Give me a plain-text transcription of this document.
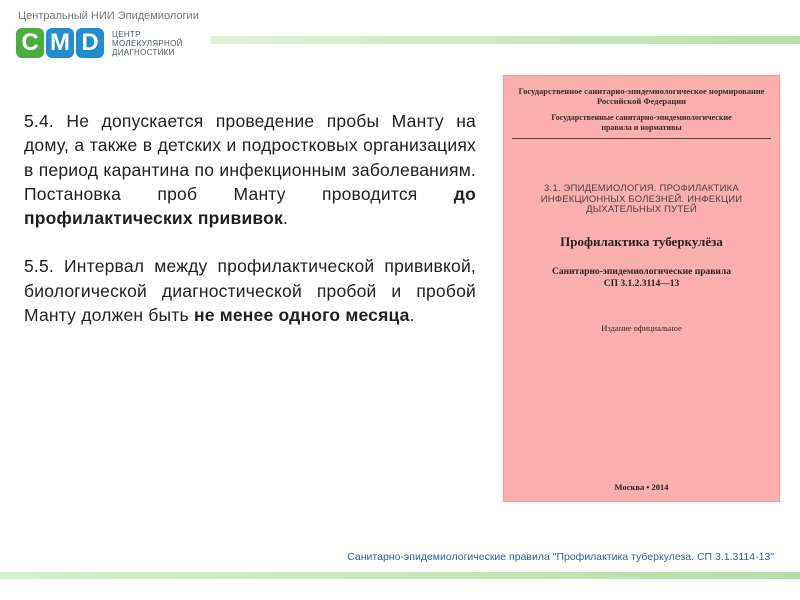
Центральный НИИ Эпидемиологии
C M D	ЦЕНТР
МОЛЕКУЛЯРНОЙ
ДИАГНОСТИКИ

5.4. Не допускается проведение пробы Манту на дому, а также в детских и подростковых организациях в период карантина по инфекционным заболеваниям. Постановка проб Манту проводится до профилактических прививок.

5.5. Интервал между профилактической прививкой, биологической диагностической пробой и пробой Манту должен быть не менее одного месяца.

Государственное санитарно-эпидемиологическое нормирование
Российской Федерации
Государственные санитарно-эпидемиологические
правила и нормативы
3.1. ЭПИДЕМИОЛОГИЯ. ПРОФИЛАКТИКА ИНФЕКЦИОННЫХ БОЛЕЗНЕЙ. ИНФЕКЦИИ ДЫХАТЕЛЬНЫХ ПУТЕЙ
Профилактика туберкулёза
Санитарно-эпидемиологические правила
СП 3.1.2.3114—13
Издание официальное
Москва • 2014
Санитарно-эпидемиологические правила "Профилактика туберкулеза. СП 3.1.3114-13"
